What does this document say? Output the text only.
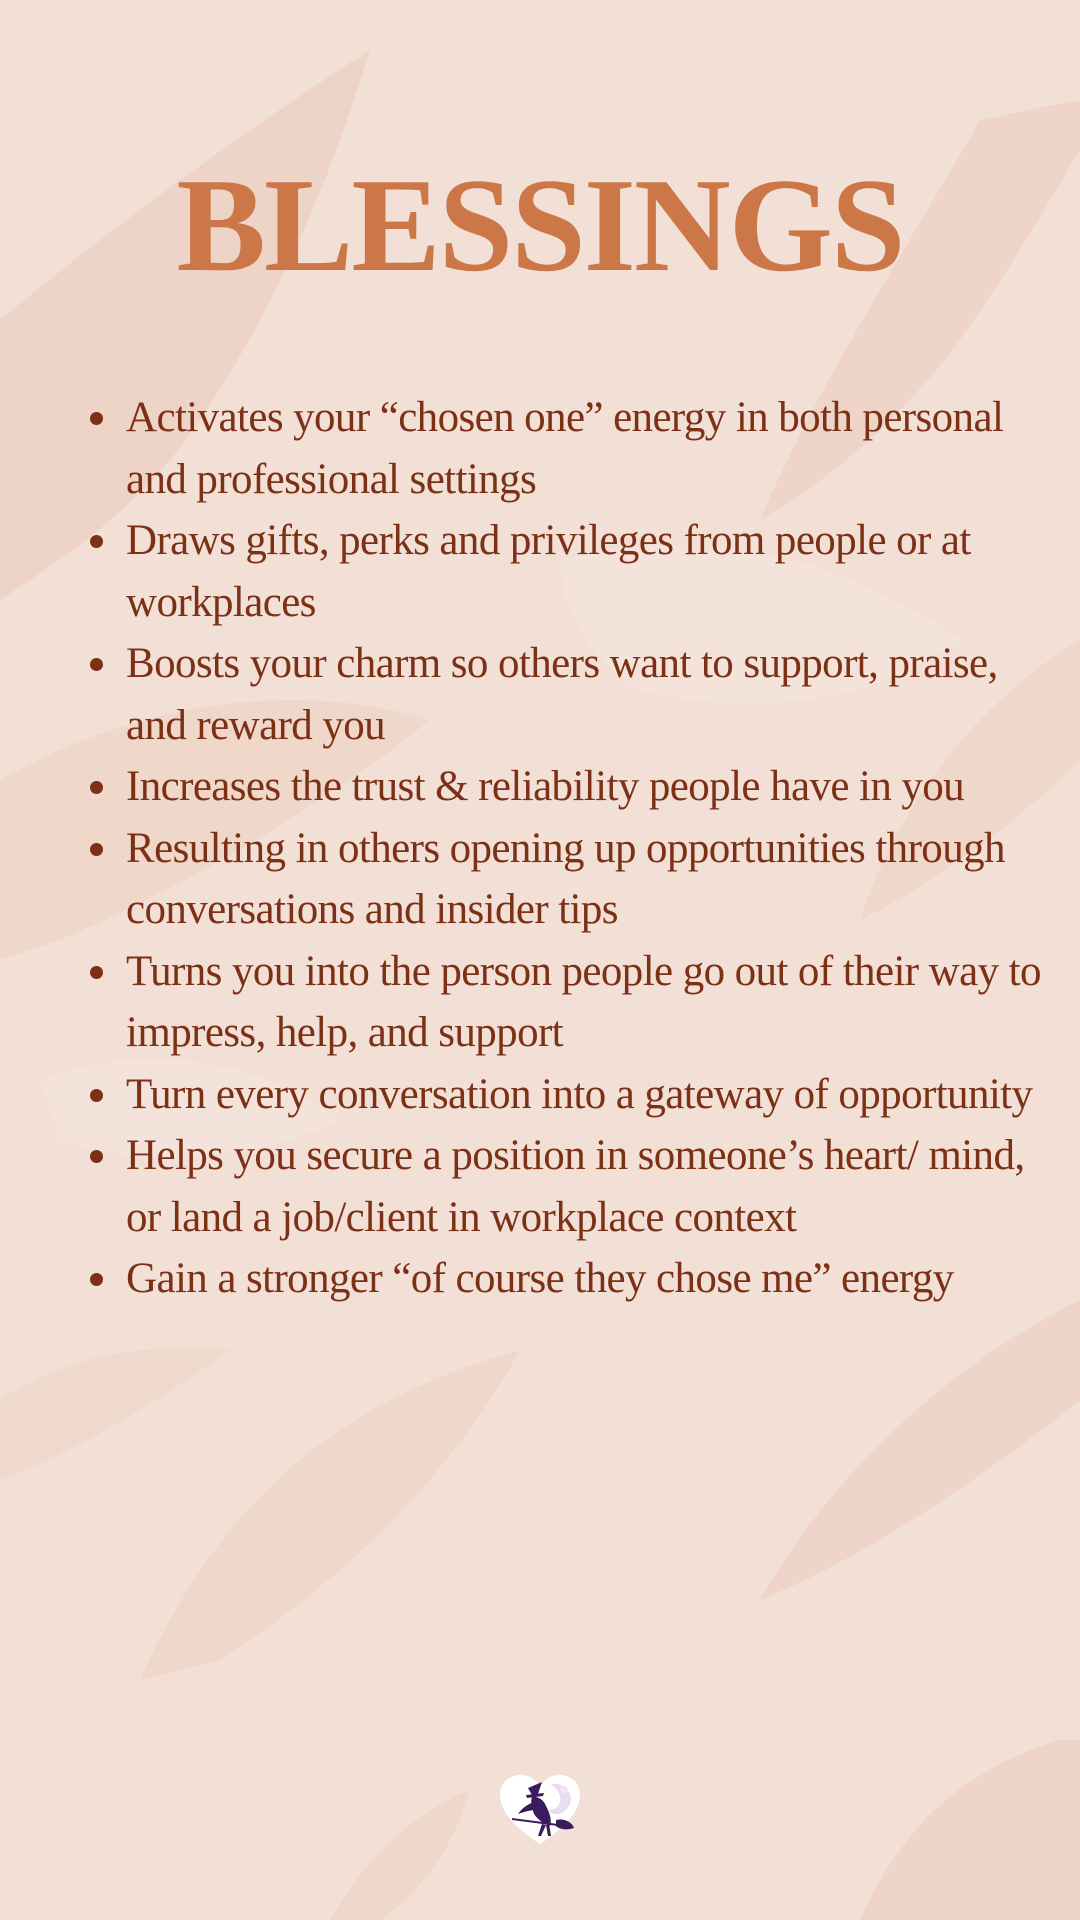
BLESSINGS
Activates your “chosen one” energy in both personal and professional settings
Draws gifts, perks and privileges from people or at workplaces
Boosts your charm so others want to support, praise, and reward you
Increases the trust & reliability people have in you
Resulting in others opening up opportunities through conversations and insider tips
Turns you into the person people go out of their way to impress, help, and support
Turn every conversation into a gateway of opportunity
Helps you secure a position in someone’s heart/ mind, or land a job/client in workplace context
Gain a stronger “of course they chose me” energy
